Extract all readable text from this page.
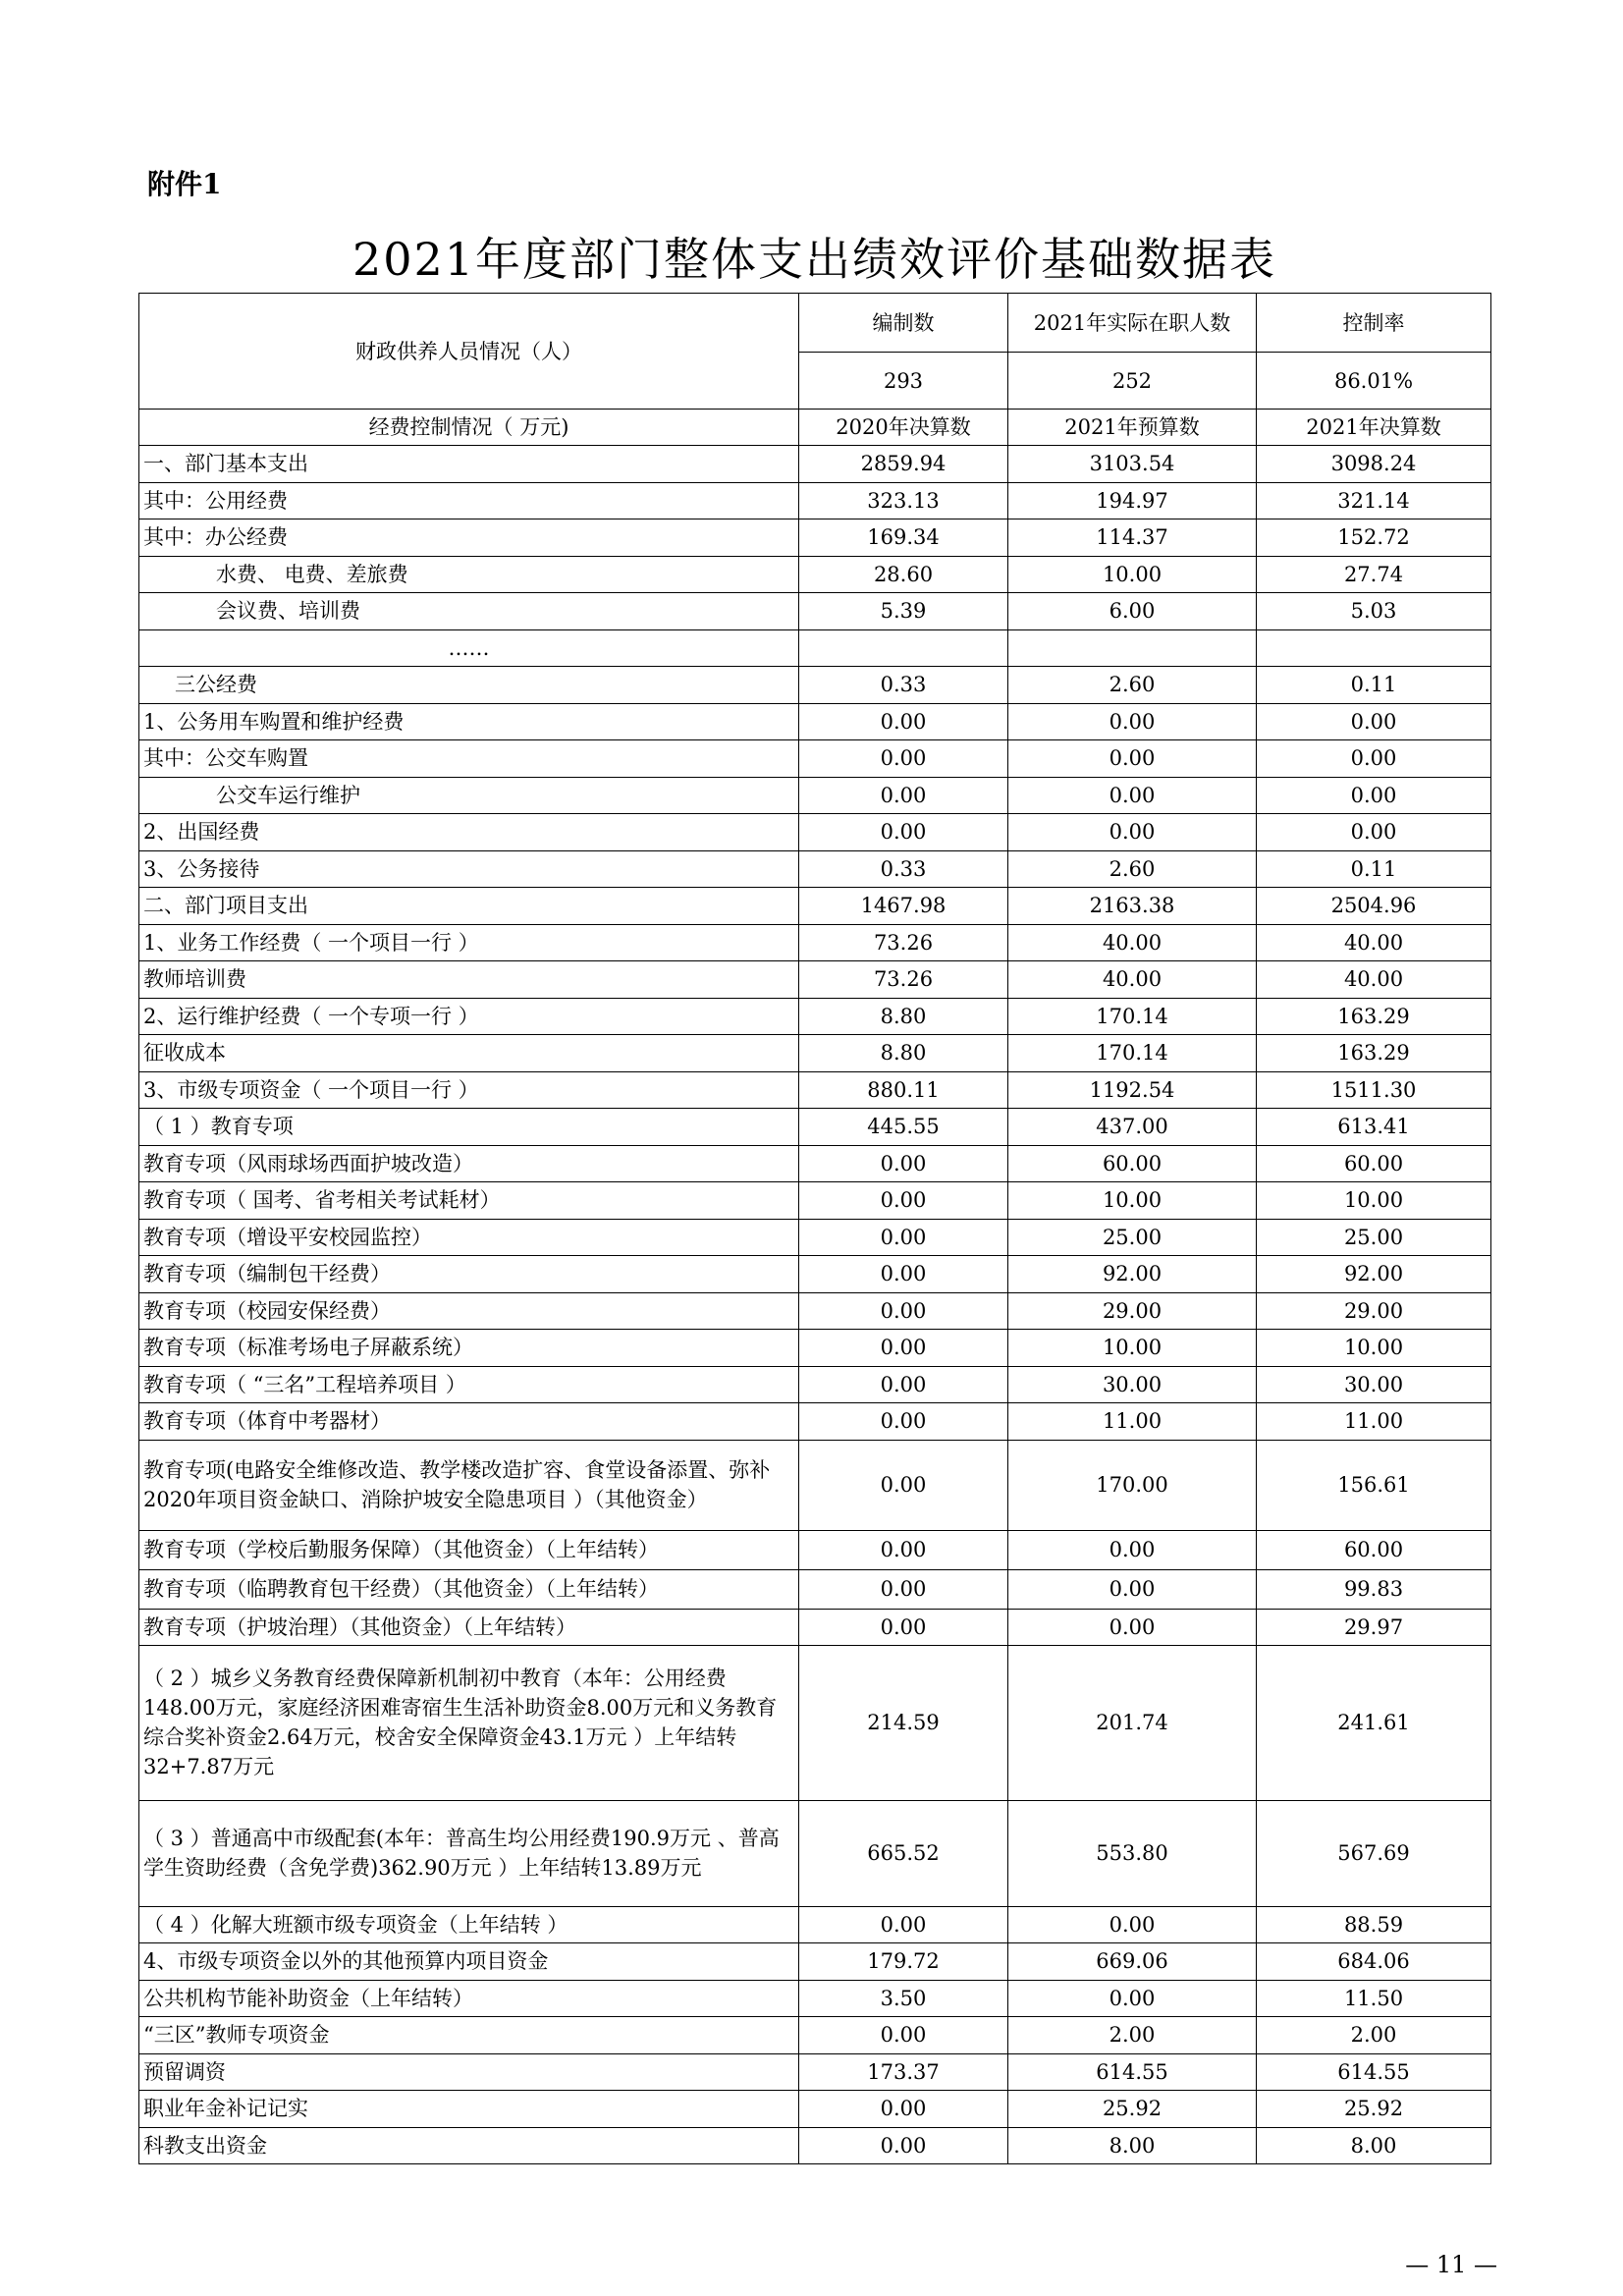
附件1
2021年度部门整体支出绩效评价基础数据表
财政供养人员情况（人）	编制数	2021年实际在职人数	控制率
	293	252	86.01%
经费控制情况（ 万元)	2020年决算数	2021年预算数	2021年决算数
一、部门基本支出	2859.94	3103.54	3098.24
其中：公用经费	323.13	194.97	321.14
其中：办公经费	169.34	114.37	152.72
水费、 电费、差旅费	28.60	10.00	27.74
会议费、培训费	5.39	6.00	5.03
……			
三公经费	0.33	2.60	0.11
1、公务用车购置和维护经费	0.00	0.00	0.00
其中：公交车购置	0.00	0.00	0.00
公交车运行维护	0.00	0.00	0.00
2、出国经费	0.00	0.00	0.00
3、公务接待	0.33	2.60	0.11
二、部门项目支出	1467.98	2163.38	2504.96
1、业务工作经费（ 一个项目一行 ）	73.26	40.00	40.00
教师培训费	73.26	40.00	40.00
2、运行维护经费（ 一个专项一行 ）	8.80	170.14	163.29
征收成本	8.80	170.14	163.29
3、市级专项资金（ 一个项目一行 ）	880.11	1192.54	1511.30
（ 1 ）教育专项	445.55	437.00	613.41
教育专项（风雨球场西面护坡改造）	0.00	60.00	60.00
教育专项（ 国考、省考相关考试耗材）	0.00	10.00	10.00
教育专项（增设平安校园监控）	0.00	25.00	25.00
教育专项（编制包干经费）	0.00	92.00	92.00
教育专项（校园安保经费）	0.00	29.00	29.00
教育专项（标准考场电子屏蔽系统）	0.00	10.00	10.00
教育专项（ “三名”工程培养项目 ）	0.00	30.00	30.00
教育专项（体育中考器材）	0.00	11.00	11.00
教育专项(电路安全维修改造、教学楼改造扩容、食堂设备添置、弥补2020年项目资金缺口、消除护坡安全隐患项目 ）（其他资金）	0.00	170.00	156.61
教育专项（学校后勤服务保障）（其他资金）（上年结转）	0.00	0.00	60.00
教育专项（临聘教育包干经费）（其他资金）（上年结转）	0.00	0.00	99.83
教育专项（护坡治理）（其他资金）（上年结转）	0.00	0.00	29.97
（ 2 ）城乡义务教育经费保障新机制初中教育（本年：公用经费148.00万元，家庭经济困难寄宿生生活补助资金8.00万元和义务教育综合奖补资金2.64万元，校舍安全保障资金43.1万元 ）上年结转32+7.87万元	214.59	201.74	241.61
（ 3 ）普通高中市级配套(本年：普高生均公用经费190.9万元 、普高学生资助经费（含免学费)362.90万元 ）上年结转13.89万元	665.52	553.80	567.69
（ 4 ）化解大班额市级专项资金（上年结转 ）	0.00	0.00	88.59
4、市级专项资金以外的其他预算内项目资金	179.72	669.06	684.06
公共机构节能补助资金（上年结转）	3.50	0.00	11.50
“三区”教师专项资金	0.00	2.00	2.00
预留调资	173.37	614.55	614.55
职业年金补记记实	0.00	25.92	25.92
科教支出资金	0.00	8.00	8.00
— 11 —
